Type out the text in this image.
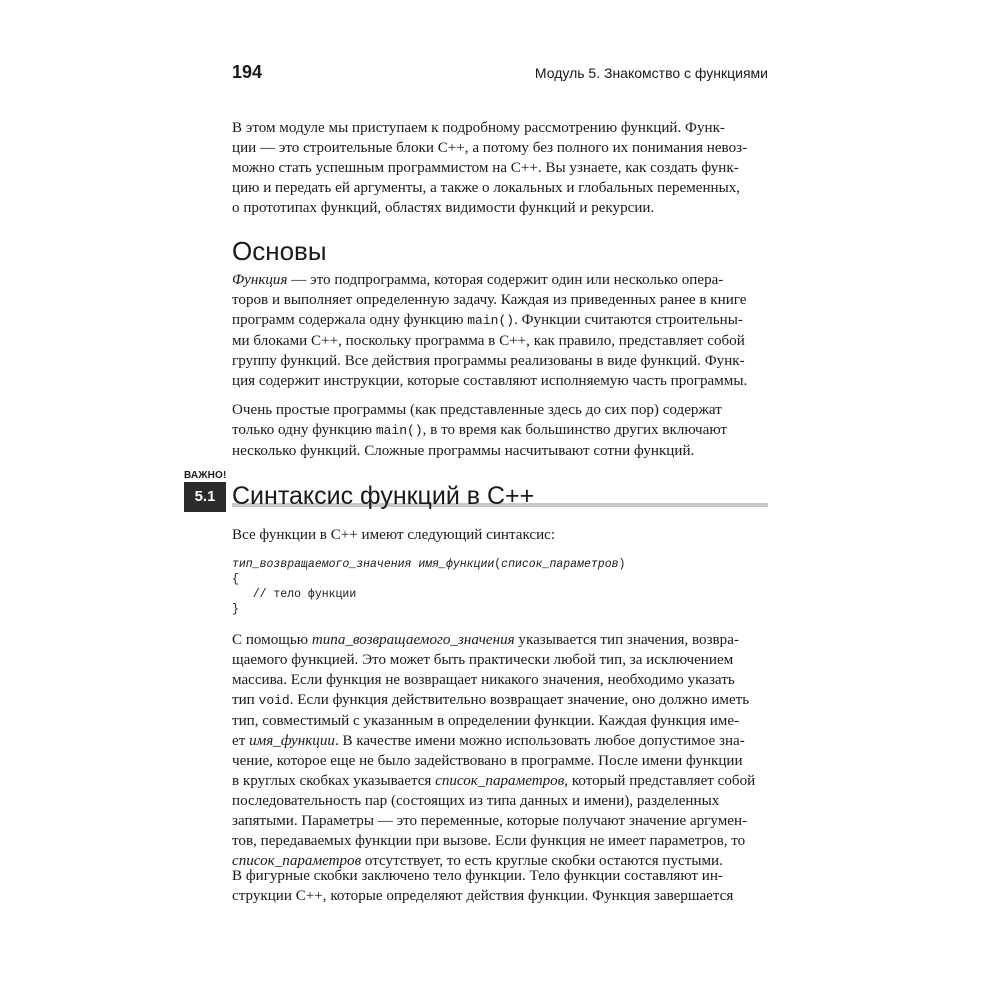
194	Модуль 5. Знакомство с функциями

В этом модуле мы приступаем к подробному рассмотрению функций. Функ-
ции — это строительные блоки С++, а потому без полного их понимания невоз-
можно стать успешным программистом на С++. Вы узнаете, как создать функ-
цию и передать ей аргументы, а также о локальных и глобальных переменных,
о прототипах функций, областях видимости функций и рекурсии.

Основы

Функция — это подпрограмма, которая содержит один или несколько опера-
торов и выполняет определенную задачу. Каждая из приведенных ранее в книге
программ содержала одну функцию main(). Функции считаются строительны-
ми блоками С++, поскольку программа в С++, как правило, представляет собой
группу функций. Все действия программы реализованы в виде функций. Функ-
ция содержит инструкции, которые составляют исполняемую часть программы.

Очень простые программы (как представленные здесь до сих пор) содержат
только одну функцию main(), в то время как большинство других включают
несколько функций. Сложные программы насчитывают сотни функций.

ВАЖНО!
5.1 Синтаксис функций в С++

Все функции в С++ имеют следующий синтаксис:

тип_возвращаемого_значения имя_функции(список_параметров)
{
// тело функции
}

С помощью типа_возвращаемого_значения указывается тип значения, возвра-
щаемого функцией. Это может быть практически любой тип, за исключением
массива. Если функция не возвращает никакого значения, необходимо указать
тип void. Если функция действительно возвращает значение, оно должно иметь
тип, совместимый с указанным в определении функции. Каждая функция име-
ет имя_функции. В качестве имени можно использовать любое допустимое зна-
чение, которое еще не было задействовано в программе. После имени функции
в круглых скобках указывается список_параметров, который представляет собой
последовательность пар (состоящих из типа данных и имени), разделенных
запятыми. Параметры — это переменные, которые получают значение аргумен-
тов, передаваемых функции при вызове. Если функция не имеет параметров, то
список_параметров отсутствует, то есть круглые скобки остаются пустыми.

В фигурные скобки заключено тело функции. Тело функции составляют ин-
струкции С++, которые определяют действия функции. Функция завершается
